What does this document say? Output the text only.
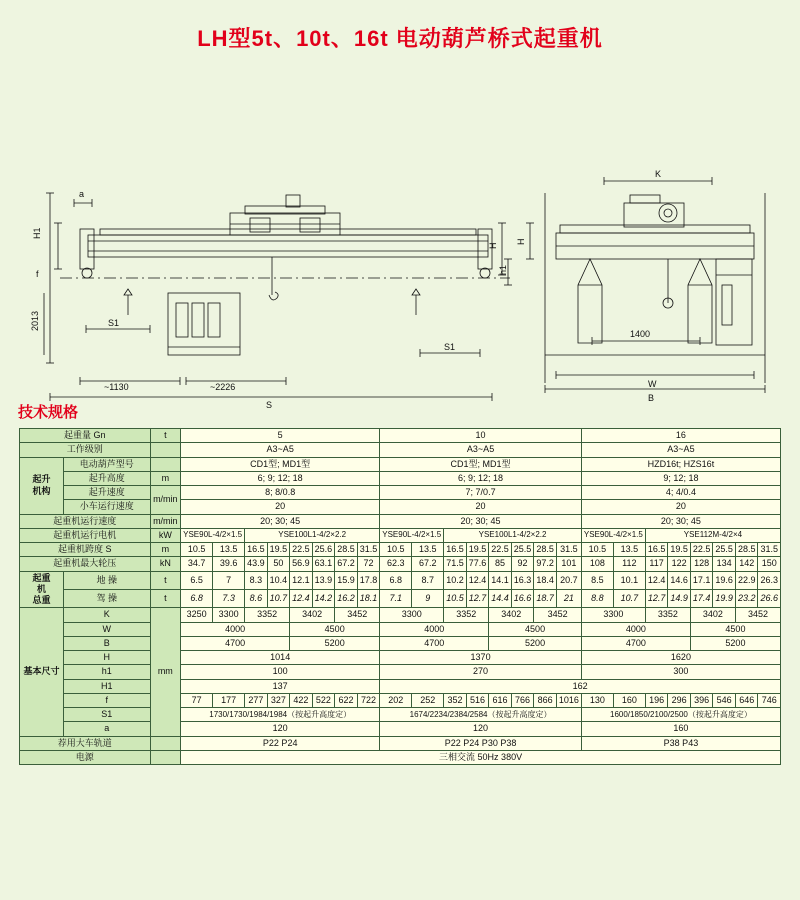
LH型5t、10t、16t 电动葫芦桥式起重机
a
H1
f
2013	S1
S1
~1130	~2226
S
H
h1
K
H
1400
W
B
技术规格
起重量 Gn		t	5								10								16							
工作级别			A3~A5								A3~A5								A3~A5							
起升
机构	电动葫芦型号		CD1型; MD1型								CD1型; MD1型								HZD16t; HZS16t							
	起升高度	m	6; 9; 12; 18								6; 9; 12; 18								9; 12; 18							
	起升速度	m/min	8; 8/0.8								7; 7/0.7								4; 4/0.4							
	小车运行速度		20								20								20							
起重机运行速度		m/min	20; 30; 45								20; 30; 45								20; 30; 45							
起重机运行电机		kW	YSE90L-4/2×1.5		YSE100L1-4/2×2.2						YSE90L-4/2×1.5		YSE100L1-4/2×2.2						YSE90L-4/2×1.5		YSE112M-4/2×4					
起重机跨度 S		m	10.5	13.5	16.5	19.5	22.5	25.6	28.5	31.5	10.5	13.5	16.5	19.5	22.5	25.5	28.5	31.5	10.5	13.5	16.5	19.5	22.5	25.5	28.5	31.5
起重机最大轮压		kN	34.7	39.6	43.9	50	56.9	63.1	67.2	72	62.3	67.2	71.5	77.6	85	92	97.2	101	108	112	117	122	128	134	142	150
起重
机
总重	地 操	t	6.5	7	8.3	10.4	12.1	13.9	15.9	17.8	6.8	8.7	10.2	12.4	14.1	16.3	18.4	20.7	8.5	10.1	12.4	14.6	17.1	19.6	22.9	26.3
	驾 操	t	6.8	7.3	8.6	10.7	12.4	14.2	16.2	18.1	7.1	9	10.5	12.7	14.4	16.6	18.7	21	8.8	10.7	12.7	14.9	17.4	19.9	23.2	26.6
基本尺寸	K	mm	3250	3300	3352		3402		3452		3300		3352		3402		3452		3300		3352		3402		3452	
	W		4000				4500				4000				4500				4000				4500			
	B		4700				5200				4700				5200				4700				5200			
	H		1014								1370								1620							
	h1		100								270								300							
	H1		137								162															
	f		77	177	277	327	422	522	622	722	202	252	352	516	616	766	866	1016	130	160	196	296	396	546	646	746
	S1		1730/1730/1984/1984（按起升高度定）								1674/2234/2384/2584（按起升高度定）								1600/1850/2100/2500（按起升高度定）							
	a		120								120								160							
荐用大车轨道			P22 P24								P22 P24 P30 P38								P38 P43							
电源			三相交流 50Hz 380V																							
